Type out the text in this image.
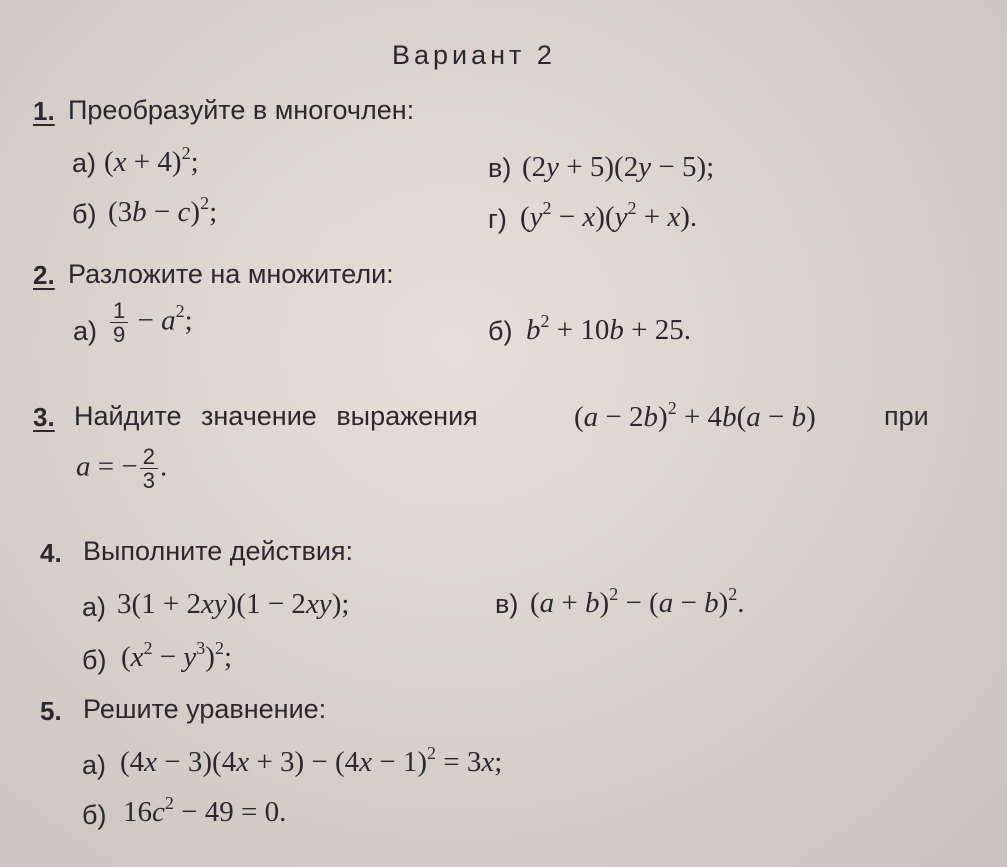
Вариант 2
1. Преобразуйте в многочлен:
а) $(x + 4)^2$;	в) (2y + 5)(2y − 5);
б) $(3b - c)^2$;	г) $(y^2 - x)(y^2 + x)$.
2. Разложите на множители:
$а) \frac{1}{9} - a^2$;	б) $b^2 + 10b + 25$.
3. Найдите значение выражения	$(a - 2b)^2 + 4b(a - b)$	при
a = − $\frac{2}{3}$ .
4. Выполните действия:
а) 3(1 + 2xy)(1 − 2xy);	в) $(a + b)^2 - (a - b)^2$.
б) $(x^2 - y^3)^2$;
5. Решите уравнение:
а) $(4x - 3)(4x + 3) - (4x - 1)^2 = 3x$;
б) $16c^2 - 49 = 0$.
